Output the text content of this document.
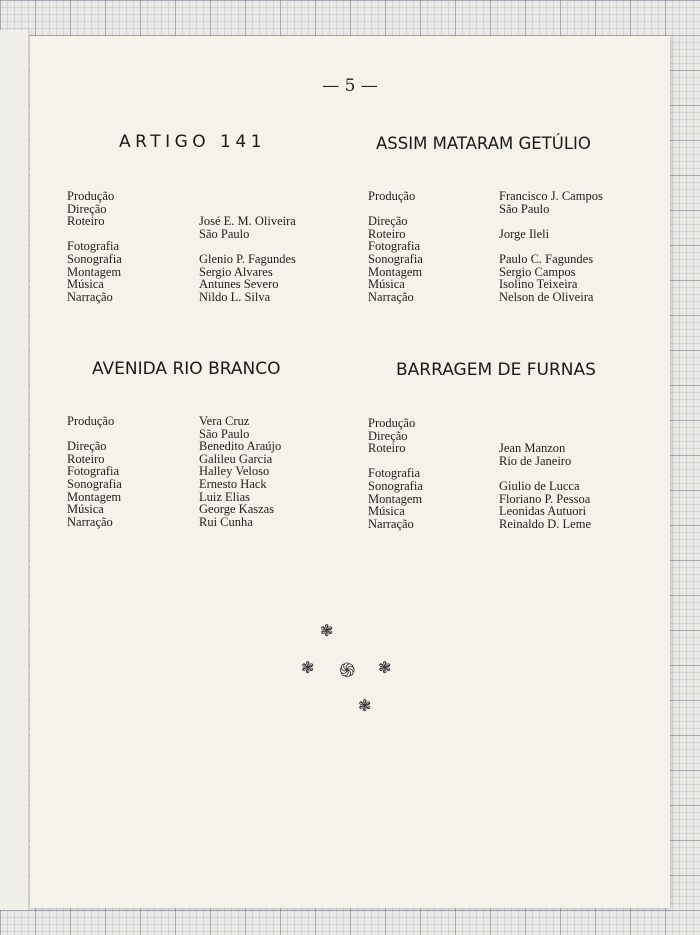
— 5 —
ARTIGO 141
Produção
Direção
Roteiro	José E. M. Oliveira
São Paulo
Fotografia
Sonografia	Glenio P. Fagundes
Montagem	Sergio Alvares
Música	Antunes Severo
Narração	Nildo L. Silva
ASSIM MATARAM GETÚLIO
Produção	Francisco J. Campos
São Paulo
Direção
Roteiro	Jorge Ileli
Fotografia
Sonografia	Paulo C. Fagundes
Montagem	Sergio Campos
Música	Isolino Teixeira
Narração	Nelson de Oliveira
AVENIDA RIO BRANCO
Produção	Vera Cruz
São Paulo
Direção	Benedito Araújo
Roteiro	Galileu Garcia
Fotografia	Halley Veloso
Sonografia	Ernesto Hack
Montagem	Luiz Elias
Música	George Kaszas
Narração	Rui Cunha
BARRAGEM DE FURNAS
Produção
Direção
Roteiro	Jean Manzon
Rio de Janeiro
Fotografia
Sonografia	Giulio de Lucca
Montagem	Floriano P. Pessoa
Música	Leonidas Autuori
Narração	Reinaldo D. Leme
❃
❃ ֍ ❃
❃
